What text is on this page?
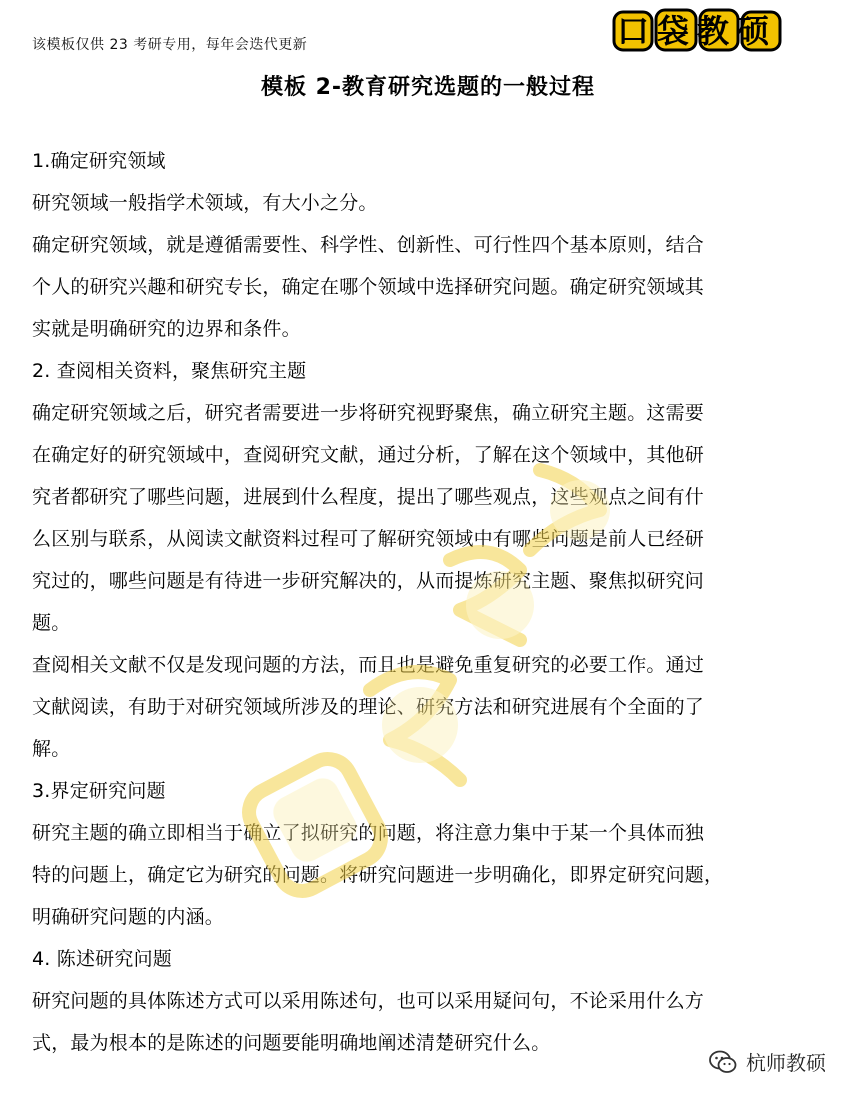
该模板仅供 23 考研专用，每年会迭代更新	口袋教硕
模板 2-教育研究选题的一般过程
1.确定研究领域
研究领域一般指学术领域，有大小之分。
确定研究领域，就是遵循需要性、科学性、创新性、可行性四个基本原则，结合
个人的研究兴趣和研究专长，确定在哪个领域中选择研究问题。确定研究领域其
实就是明确研究的边界和条件。
2. 查阅相关资料，聚焦研究主题
确定研究领域之后，研究者需要进一步将研究视野聚焦，确立研究主题。这需要
在确定好的研究领域中，查阅研究文献，通过分析，了解在这个领域中，其他研
究者都研究了哪些问题，进展到什么程度，提出了哪些观点，这些观点之间有什
么区别与联系，从阅读文献资料过程可了解研究领域中有哪些问题是前人已经研
究过的，哪些问题是有待进一步研究解决的，从而提炼研究主题、聚焦拟研究问
题。
查阅相关文献不仅是发现问题的方法，而且也是避免重复研究的必要工作。通过
文献阅读，有助于对研究领域所涉及的理论、研究方法和研究进展有个全面的了
解。
3.界定研究问题
研究主题的确立即相当于确立了拟研究的问题，将注意力集中于某一个具体而独
特的问题上，确定它为研究的问题。将研究问题进一步明确化，即界定研究问题，
明确研究问题的内涵。
4. 陈述研究问题
研究问题的具体陈述方式可以采用陈述句，也可以采用疑问句，不论采用什么方
式，最为根本的是陈述的问题要能明确地阐述清楚研究什么。
杭师教硕
